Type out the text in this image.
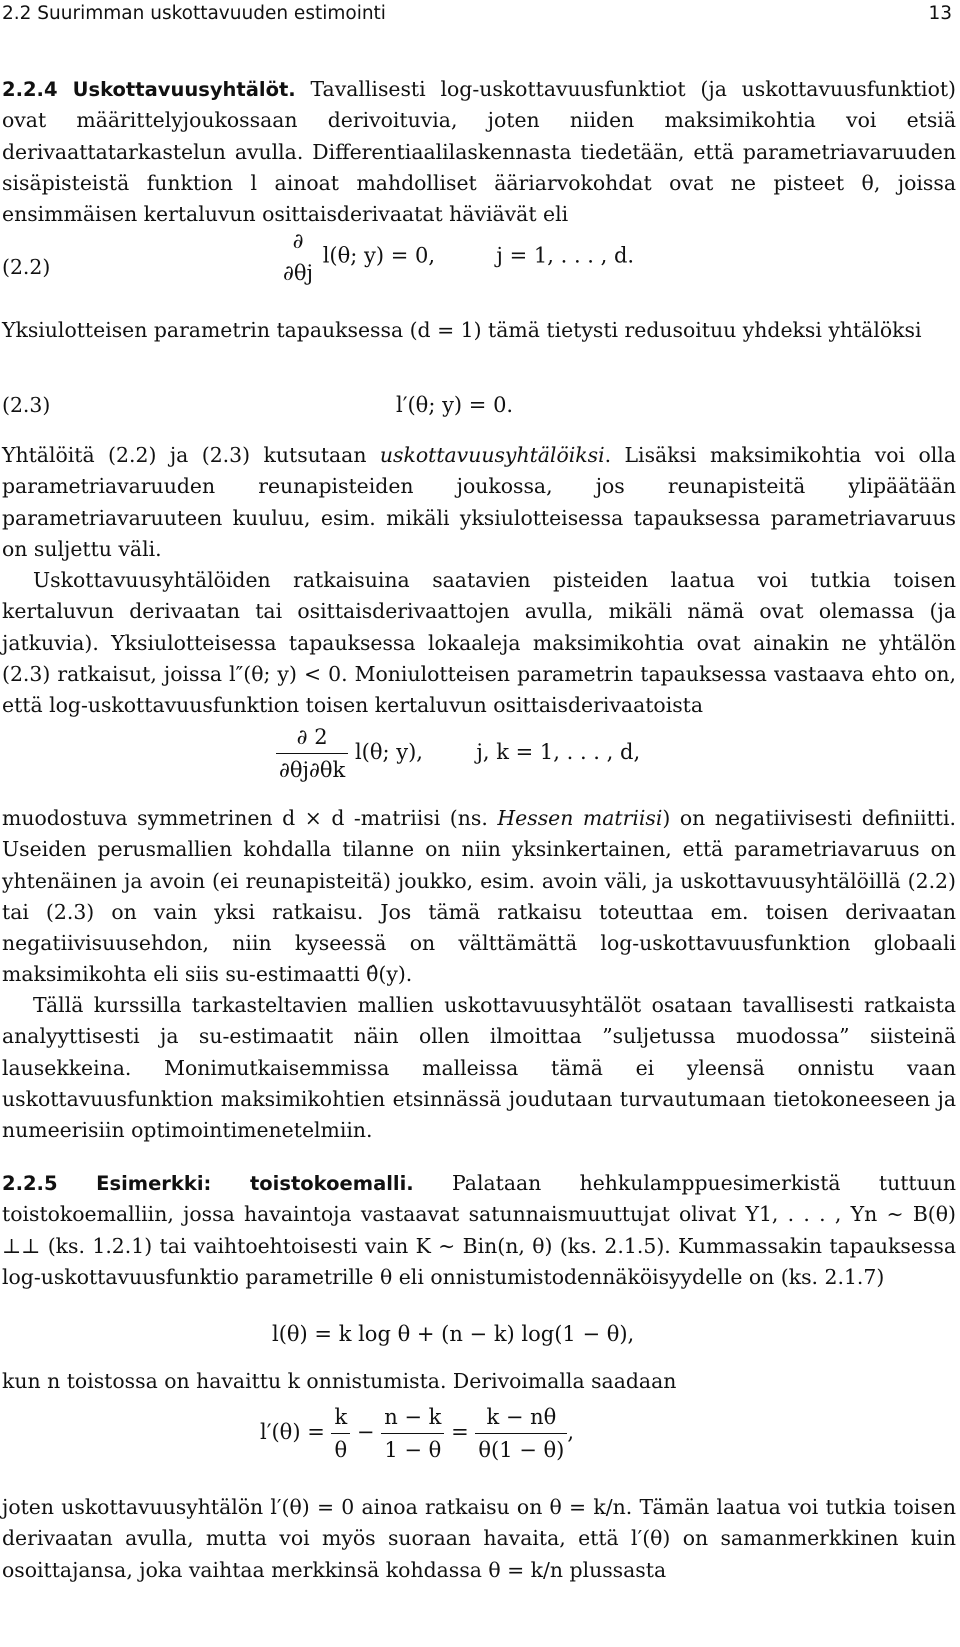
2.2 Suurimman uskottavuuden estimointi	13
2.2.4 Uskottavuusyhtälöt. Tavallisesti log-uskottavuusfunktiot (ja uskottavuusfunktiot) ovat määrittelyjoukossaan derivoituvia, joten niiden maksimikohtia voi etsiä derivaattatarkastelun avulla. Differentiaalilaskennasta tiedetään, että parametriavaruuden sisäpisteistä funktion l ainoat mahdolliset ääriarvokohdat ovat ne pisteet θ, joissa ensimmäisen kertaluvun osittaisderivaatat häviävät eli
(2.2)
∂
∂θj
l(θ; y) = 0,	j = 1, . . . , d.
Yksiulotteisen parametrin tapauksessa (d = 1) tämä tietysti redusoituu yhdeksi yhtälöksi
(2.3)	l′(θ; y) = 0.
Yhtälöitä (2.2) ja (2.3) kutsutaan uskottavuusyhtälöiksi. Lisäksi maksimikohtia voi olla parametriavaruuden reunapisteiden joukossa, jos reunapisteitä ylipäätään parametriavaruuteen kuuluu, esim. mikäli yksiulotteisessa tapauksessa parametriavaruus on suljettu väli.
Uskottavuusyhtälöiden ratkaisuina saatavien pisteiden laatua voi tutkia toisen kertaluvun derivaatan tai osittaisderivaattojen avulla, mikäli nämä ovat olemassa (ja jatkuvia). Yksiulotteisessa tapauksessa lokaaleja maksimikohtia ovat ainakin ne yhtälön (2.3) ratkaisut, joissa l″(θ; y) < 0. Moniulotteisen parametrin tapauksessa vastaava ehto on, että log-uskottavuusfunktion toisen kertaluvun osittaisderivaatoista
$\frac{\partial 2}{\partial\theta j\partial\theta k} l(\theta$; y),	j, k = 1, . . . , d,
muodostuva symmetrinen d × d -matriisi (ns. Hessen matriisi) on negatiivisesti definiitti. Useiden perusmallien kohdalla tilanne on niin yksinkertainen, että parametriavaruus on yhtenäinen ja avoin (ei reunapisteitä) joukko, esim. avoin väli, ja uskottavuusyhtälöillä (2.2) tai (2.3) on vain yksi ratkaisu. Jos tämä ratkaisu toteuttaa em. toisen derivaatan negatiivisuusehdon, niin kyseessä on välttämättä log-uskottavuusfunktion globaali maksimikohta eli siis su-estimaatti θ̂(y).
Tällä kurssilla tarkasteltavien mallien uskottavuusyhtälöt osataan tavallisesti ratkaista analyyttisesti ja su-estimaatit näin ollen ilmoittaa ”suljetussa muodossa” siisteinä lausekkeina. Monimutkaisemmissa malleissa tämä ei yleensä onnistu vaan uskottavuusfunktion maksimikohtien etsinnässä joudutaan turvautumaan tietokoneeseen ja numeerisiin optimointimenetelmiin.
2.2.5 Esimerkki: toistokoemalli. Palataan hehkulamppuesimerkistä tuttuun toistokoemalliin, jossa havaintoja vastaavat satunnaismuuttujat olivat Y1, . . . , Yn ∼ B(θ) ⊥⊥ (ks. 1.2.1) tai vaihtoehtoisesti vain K ∼ Bin(n, θ) (ks. 2.1.5). Kummassakin tapauksessa log-uskottavuusfunktio parametrille θ eli onnistumistodennäköisyydelle on (ks. 2.1.7)
l(θ) = k log θ + (n − k) log(1 − θ),
kun n toistossa on havaittu k onnistumista. Derivoimalla saadaan
$l'(\theta) = \frac{k}{\theta} - \frac{n - k}{1 - \theta} = \frac{k - n\theta}{\theta(1 - \theta)}$ ,
joten uskottavuusyhtälön l′(θ) = 0 ainoa ratkaisu on θ = k/n. Tämän laatua voi tutkia toisen derivaatan avulla, mutta voi myös suoraan havaita, että l′(θ) on samanmerkkinen kuin osoittajansa, joka vaihtaa merkkinsä kohdassa θ = k/n plussasta
